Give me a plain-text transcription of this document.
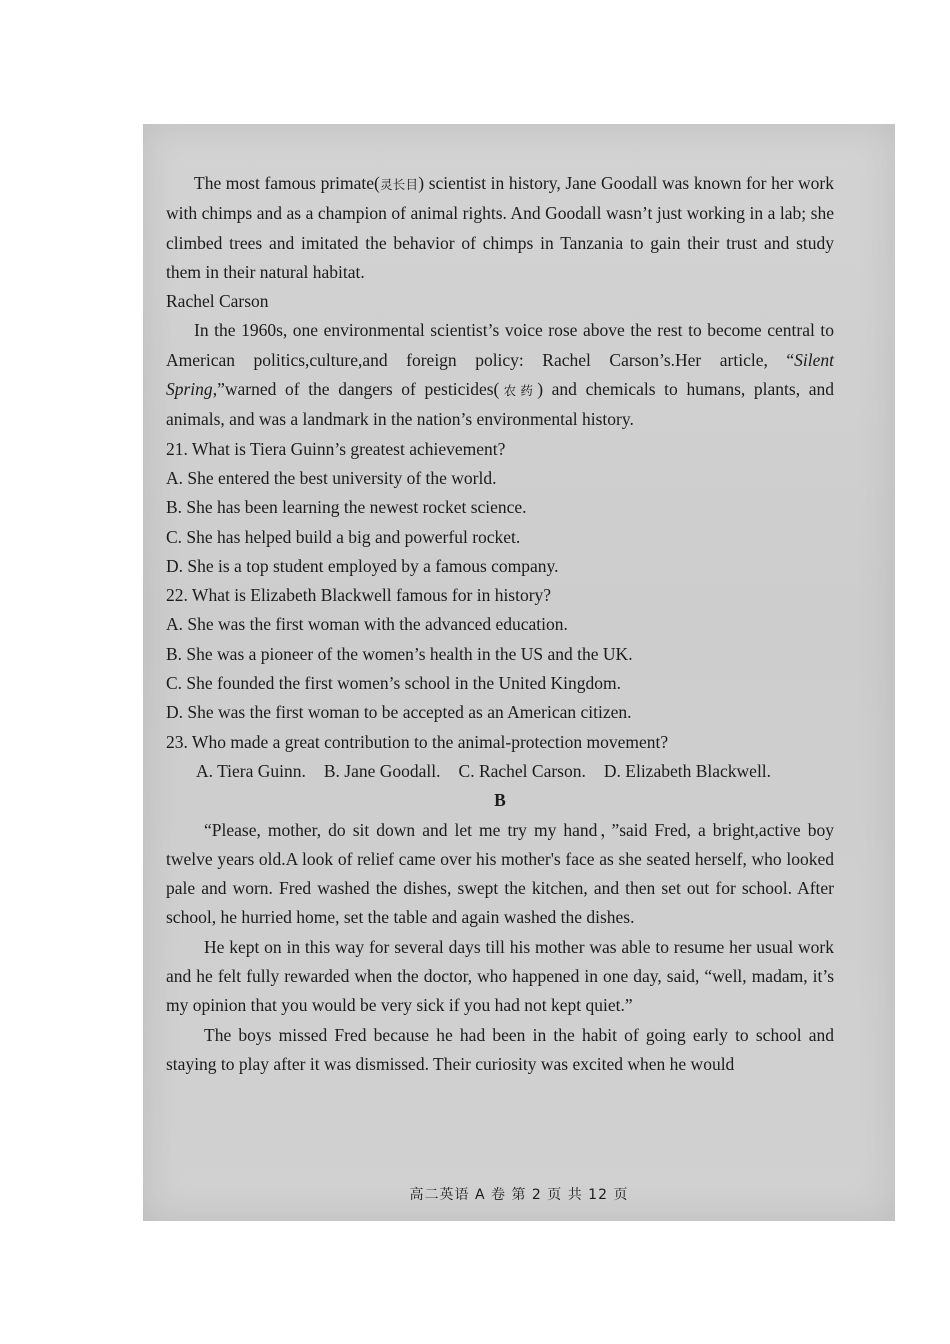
The most famous primate(灵长目) scientist in history, Jane Goodall was known for her work with chimps and as a champion of animal rights. And Goodall wasn’t just working in a lab; she climbed trees and imitated the behavior of chimps in Tanzania to gain their trust and study them in their natural habitat.

Rachel Carson

In the 1960s, one environmental scientist’s voice rose above the rest to become central to American politics,culture,and foreign policy: Rachel Carson’s.Her article, “Silent Spring,”warned of the dangers of pesticides(农药) and chemicals to humans, plants, and animals, and was a landmark in the nation’s environmental history.

21. What is Tiera Guinn’s greatest achievement?

A. She entered the best university of the world.

B. She has been learning the newest rocket science.

C. She has helped build a big and powerful rocket.

D. She is a top student employed by a famous company.

22. What is Elizabeth Blackwell famous for in history?

A. She was the first woman with the advanced education.

B. She was a pioneer of the women’s health in the US and the UK.

C. She founded the first women’s school in the United Kingdom.

D. She was the first woman to be accepted as an American citizen.

23. Who made a great contribution to the animal-protection movement?

A. Tiera Guinn. B. Jane Goodall. C. Rachel Carson. D. Elizabeth Blackwell.

B

“Please, mother, do sit down and let me try my hand，”said Fred, a bright,active boy twelve years old.A look of relief came over his mother's face as she seated herself, who looked pale and worn. Fred washed the dishes, swept the kitchen, and then set out for school. After school, he hurried home, set the table and again washed the dishes.

He kept on in this way for several days till his mother was able to resume her usual work and he felt fully rewarded when the doctor, who happened in one day, said, “well, madam, it’s my opinion that you would be very sick if you had not kept quiet.”

The boys missed Fred because he had been in the habit of going early to school and staying to play after it was dismissed. Their curiosity was excited when he would

高二英语 A 卷 第 2 页 共 12 页
